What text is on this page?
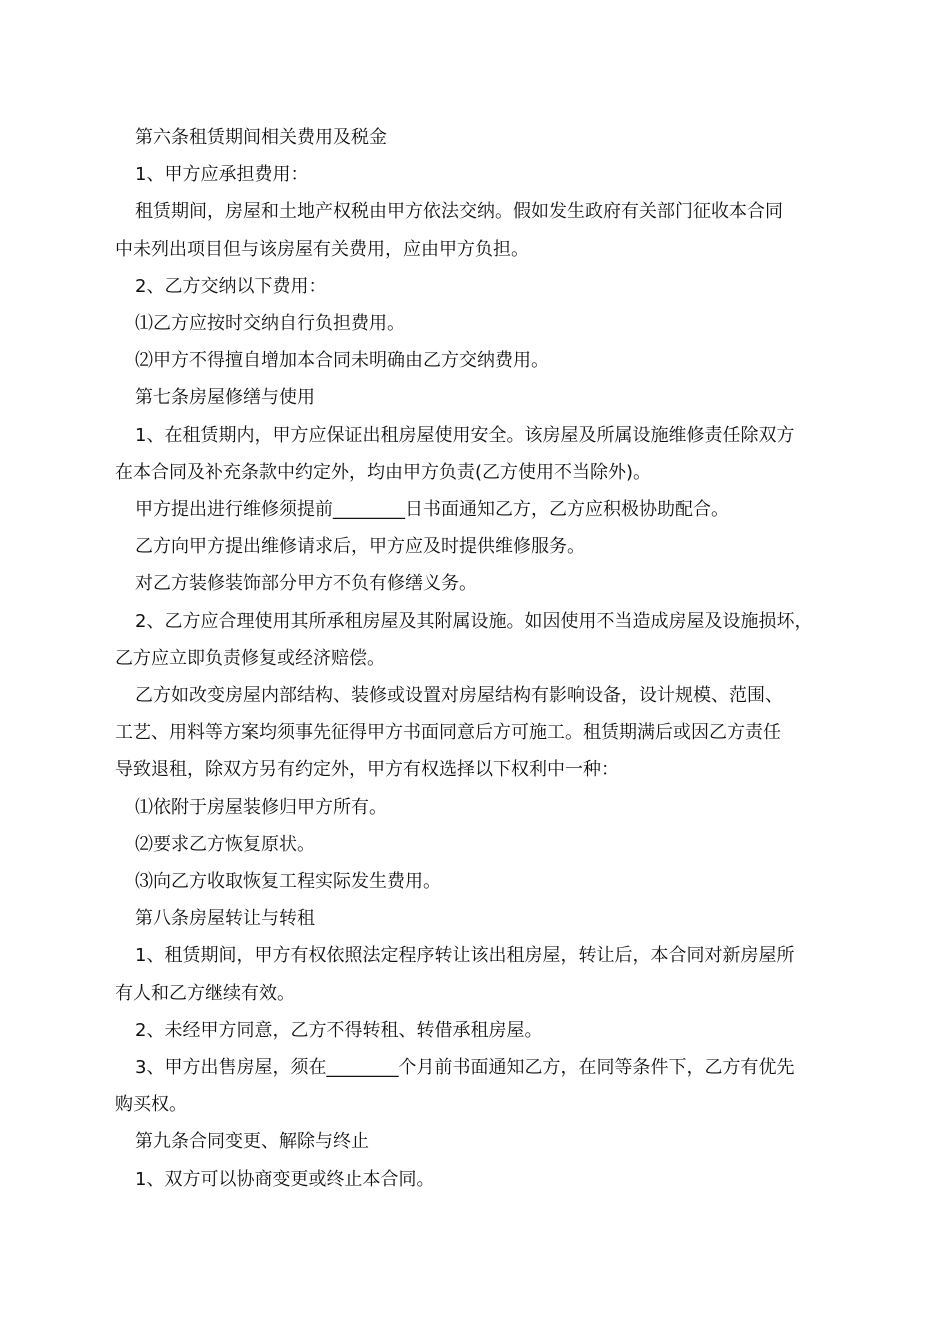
第六条租赁期间相关费用及税金

1、甲方应承担费用：

租赁期间，房屋和土地产权税由甲方依法交纳。假如发生政府有关部门征收本合同

中未列出项目但与该房屋有关费用，应由甲方负担。

2、乙方交纳以下费用：

⑴乙方应按时交纳自行负担费用。

⑵甲方不得擅自增加本合同未明确由乙方交纳费用。

第七条房屋修缮与使用

1、在租赁期内，甲方应保证出租房屋使用安全。该房屋及所属设施维修责任除双方

在本合同及补充条款中约定外，均由甲方负责(乙方使用不当除外)。

甲方提出进行维修须提前________日书面通知乙方，乙方应积极协助配合。

乙方向甲方提出维修请求后，甲方应及时提供维修服务。

对乙方装修装饰部分甲方不负有修缮义务。

2、乙方应合理使用其所承租房屋及其附属设施。如因使用不当造成房屋及设施损坏，

乙方应立即负责修复或经济赔偿。

乙方如改变房屋内部结构、装修或设置对房屋结构有影响设备，设计规模、范围、

工艺、用料等方案均须事先征得甲方书面同意后方可施工。租赁期满后或因乙方责任

导致退租，除双方另有约定外，甲方有权选择以下权利中一种：

⑴依附于房屋装修归甲方所有。

⑵要求乙方恢复原状。

⑶向乙方收取恢复工程实际发生费用。

第八条房屋转让与转租

1、租赁期间，甲方有权依照法定程序转让该出租房屋，转让后，本合同对新房屋所

有人和乙方继续有效。

2、未经甲方同意，乙方不得转租、转借承租房屋。

3、甲方出售房屋，须在________个月前书面通知乙方，在同等条件下，乙方有优先

购买权。

第九条合同变更、解除与终止

1、双方可以协商变更或终止本合同。
